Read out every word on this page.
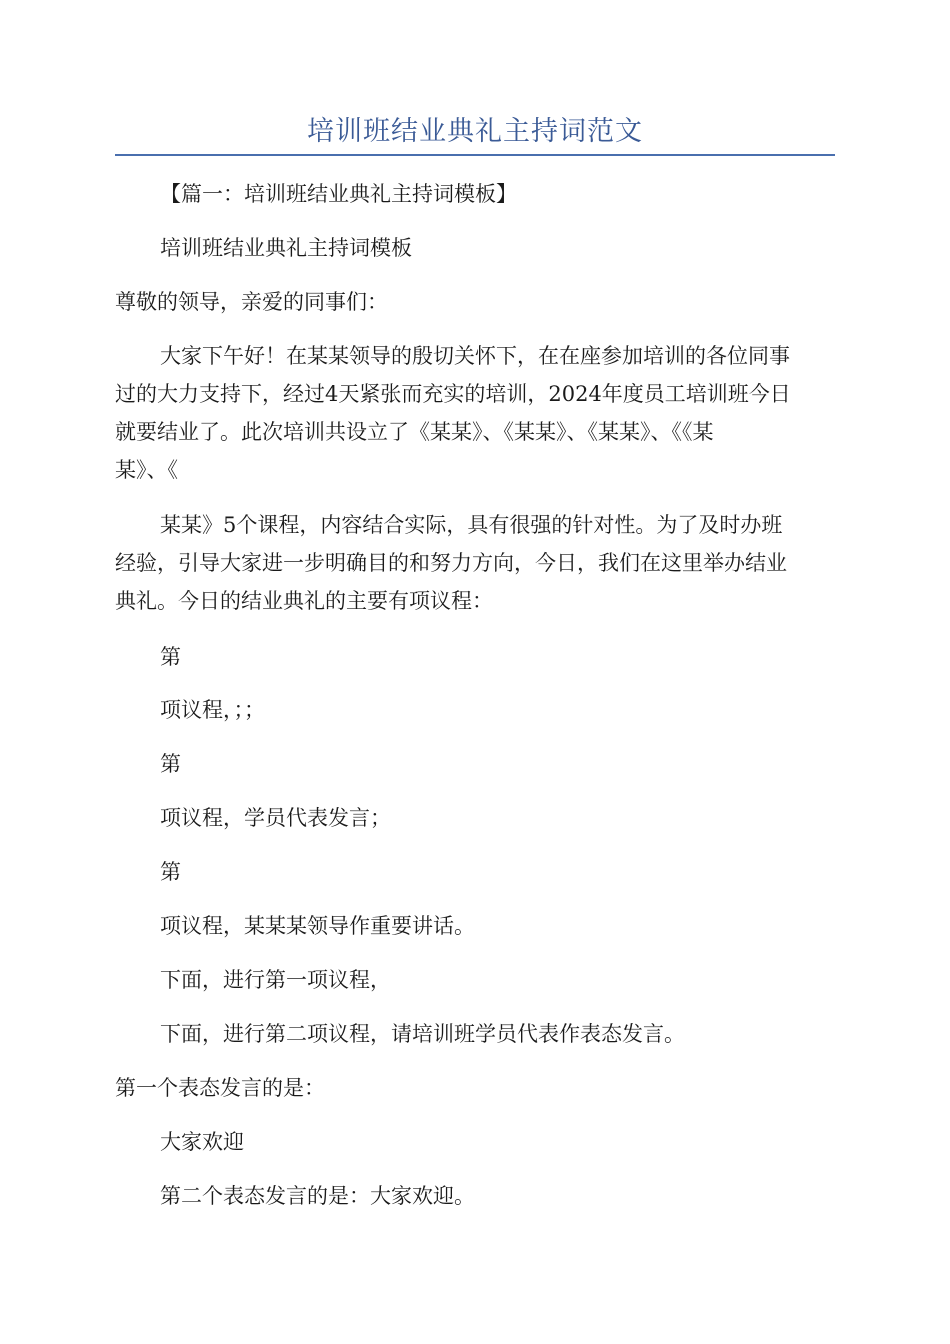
培训班结业典礼主持词范文

【篇一：培训班结业典礼主持词模板】

培训班结业典礼主持词模板

尊敬的领导，亲爱的同事们：

大家下午好！在某某领导的殷切关怀下，在在座参加培训的各位同事
过的大力支持下，经过4天紧张而充实的培训，2024年度员工培训班今日
就要结业了。此次培训共设立了《某某》、《某某》、《某某》、《《某
某》、《

某某》5个课程，内容结合实际，具有很强的针对性。为了及时办班
经验，引导大家进一步明确目的和努力方向，今日，我们在这里举办结业
典礼。今日的结业典礼的主要有项议程：

第

项议程，；；

第

项议程，学员代表发言；

第

项议程，某某某领导作重要讲话。

下面，进行第一项议程，

下面，进行第二项议程，请培训班学员代表作表态发言。

第一个表态发言的是：

大家欢迎

第二个表态发言的是：大家欢迎。
